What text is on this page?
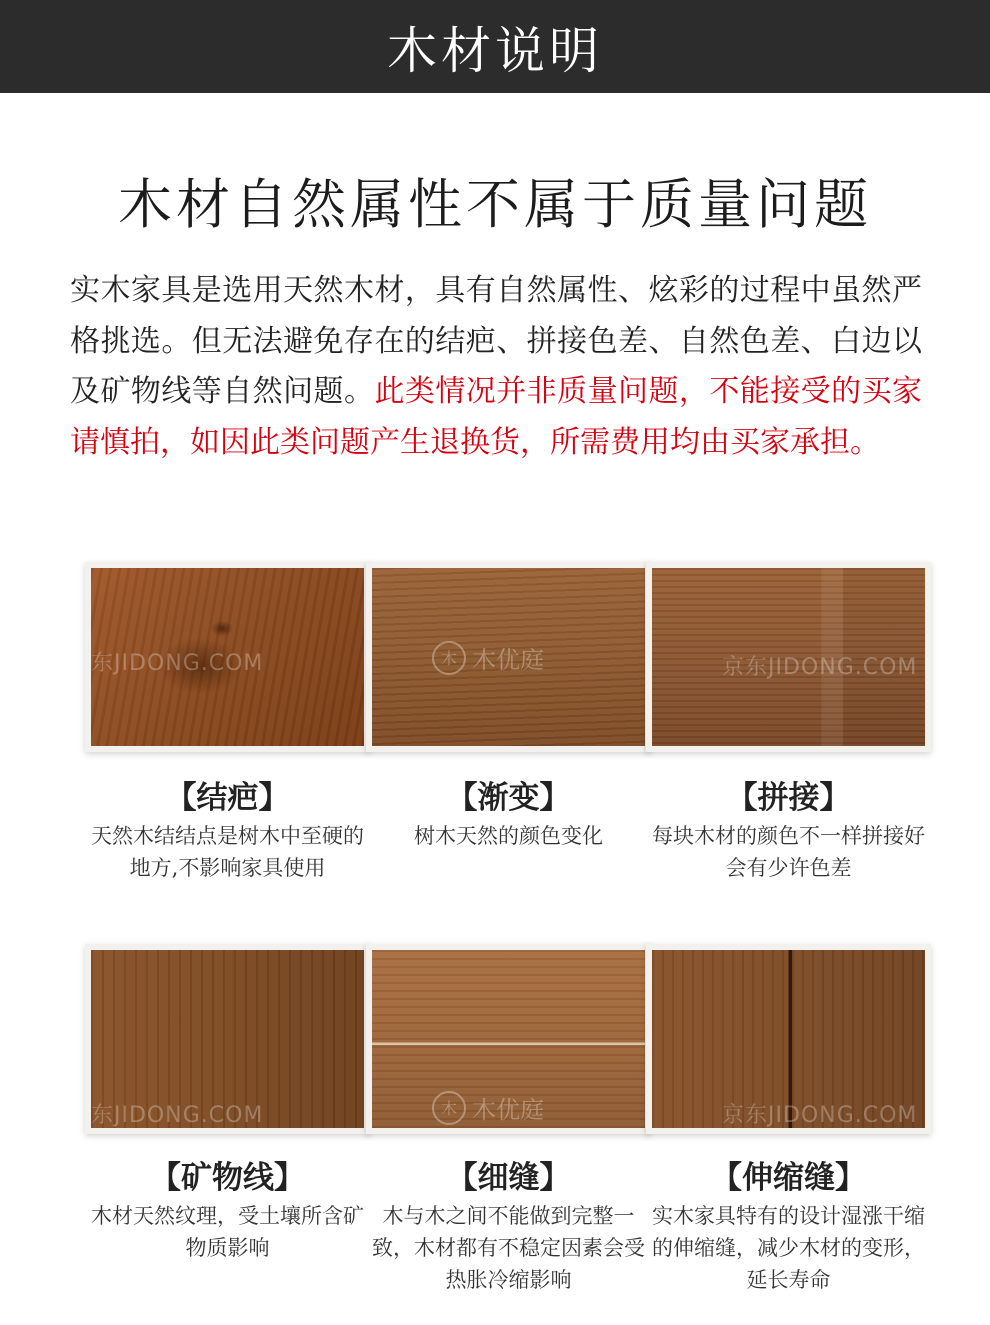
木材说明
木材自然属性不属于质量问题
实木家具是选用天然木材，具有自然属性、炫彩的过程中虽然严格挑选。但无法避免存在的结疤、拼接色差、自然色差、白边以及矿物线等自然问题。此类情况并非质量问题，不能接受的买家请慎拍，如因此类问题产生退换货，所需费用均由买家承担。
东JIDONG.COM
【结疤】
天然木结结点是树木中至硬的地方,不影响家具使用
木 木优庭
【渐变】
树木天然的颜色变化
京东JIDONG.COM
【拼接】
每块木材的颜色不一样拼接好会有少许色差
东JIDONG.COM
【矿物线】
木材天然纹理，受土壤所含矿物质影响
木 木优庭
【细缝】
木与木之间不能做到完整一致，木材都有不稳定因素会受热胀冷缩影响
京东JIDONG.COM
【伸缩缝】
实木家具特有的设计湿涨干缩的伸缩缝，减少木材的变形，延长寿命
